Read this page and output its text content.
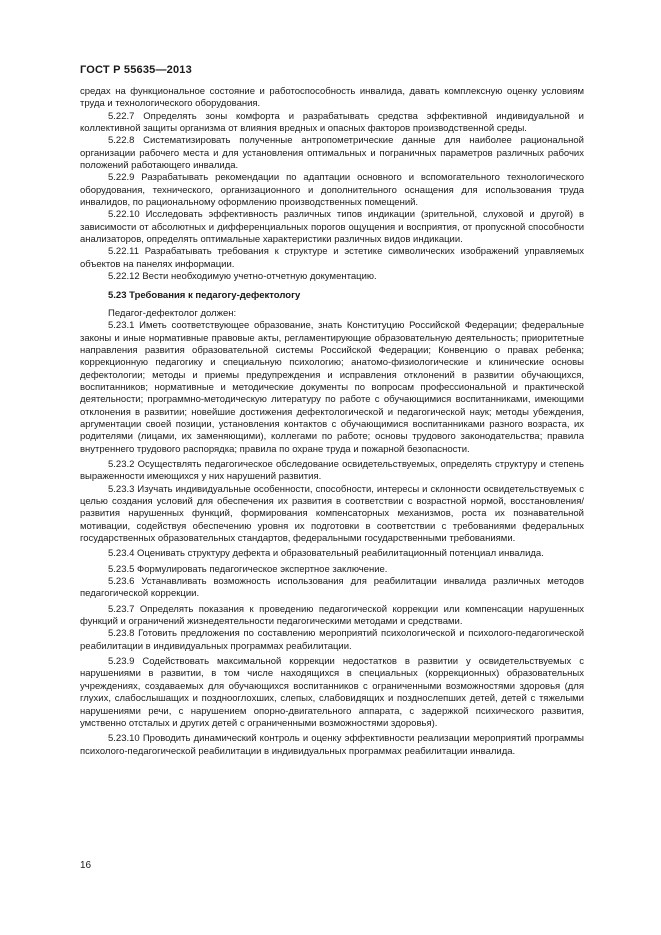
ГОСТ Р 55635—2013

средах на функциональное состояние и работоспособность инвалида, давать комплексную оценку условиям труда и технологического оборудования.

5.22.7 Определять зоны комфорта и разрабатывать средства эффективной индивидуальной и коллективной защиты организма от влияния вредных и опасных факторов производственной среды.

5.22.8 Систематизировать полученные антропометрические данные для наиболее рациональной организации рабочего места и для установления оптимальных и пограничных параметров различных рабочих положений работающего инвалида.

5.22.9 Разрабатывать рекомендации по адаптации основного и вспомогательного технологического оборудования, технического, организационного и дополнительного оснащения для использования труда инвалидов, по рациональному оформлению производственных помещений.

5.22.10 Исследовать эффективность различных типов индикации (зрительной, слуховой и другой) в зависимости от абсолютных и дифференциальных порогов ощущения и восприятия, от пропускной способности анализаторов, определять оптимальные характеристики различных видов индикации.

5.22.11 Разрабатывать требования к структуре и эстетике символических изображений управляемых объектов на панелях информации.

5.22.12 Вести необходимую учетно-отчетную документацию.

5.23 Требования к педагогу-дефектологу

Педагог-дефектолог должен:

5.23.1 Иметь соответствующее образование, знать Конституцию Российской Федерации; федеральные законы и иные нормативные правовые акты, регламентирующие образовательную деятельность; приоритетные направления развития образовательной системы Российской Федерации; Конвенцию о правах ребенка; коррекционную педагогику и специальную психологию; анатомо-физиологические и клинические основы дефектологии; методы и приемы предупреждения и исправления отклонений в развитии обучающихся, воспитанников; нормативные и методические документы по вопросам профессиональной и практической деятельности; программно-методическую литературу по работе с обучающимися воспитанниками, имеющими отклонения в развитии; новейшие достижения дефектологической и педагогической наук; методы убеждения, аргументации своей позиции, установления контактов с обучающимися воспитанниками разного возраста, их родителями (лицами, их заменяющими), коллегами по работе; основы трудового законодательства; правила внутреннего трудового распорядка; правила по охране труда и пожарной безопасности.

5.23.2 Осуществлять педагогическое обследование освидетельствуемых, определять структуру и степень выраженности имеющихся у них нарушений развития.

5.23.3 Изучать индивидуальные особенности, способности, интересы и склонности освидетельствуемых с целью создания условий для обеспечения их развития в соответствии с возрастной нормой, восстановления/развития нарушенных функций, формирования компенсаторных механизмов, роста их познавательной мотивации, содействуя обеспечению уровня их подготовки в соответствии с требованиями федеральных государственных образовательных стандартов, федеральными государственными требованиями.

5.23.4 Оценивать структуру дефекта и образовательный реабилитационный потенциал инвалида.

5.23.5 Формулировать педагогическое экспертное заключение.

5.23.6 Устанавливать возможность использования для реабилитации инвалида различных методов педагогической коррекции.

5.23.7 Определять показания к проведению педагогической коррекции или компенсации нарушенных функций и ограничений жизнедеятельности педагогическими методами и средствами.

5.23.8 Готовить предложения по составлению мероприятий психологической и психолого-педагогической реабилитации в индивидуальных программах реабилитации.

5.23.9 Содействовать максимальной коррекции недостатков в развитии у освидетельствуемых с нарушениями в развитии, в том числе находящихся в специальных (коррекционных) образовательных учреждениях, создаваемых для обучающихся воспитанников с ограниченными возможностями здоровья (для глухих, слабослышащих и позднооглохших, слепых, слабовидящих и позднослепших детей, детей с тяжелыми нарушениями речи, с нарушением опорно-двигательного аппарата, с задержкой психического развития, умственно отсталых и других детей с ограниченными возможностями здоровья).

5.23.10 Проводить динамический контроль и оценку эффективности реализации мероприятий программы психолого-педагогической реабилитации в индивидуальных программах реабилитации инвалида.

16
